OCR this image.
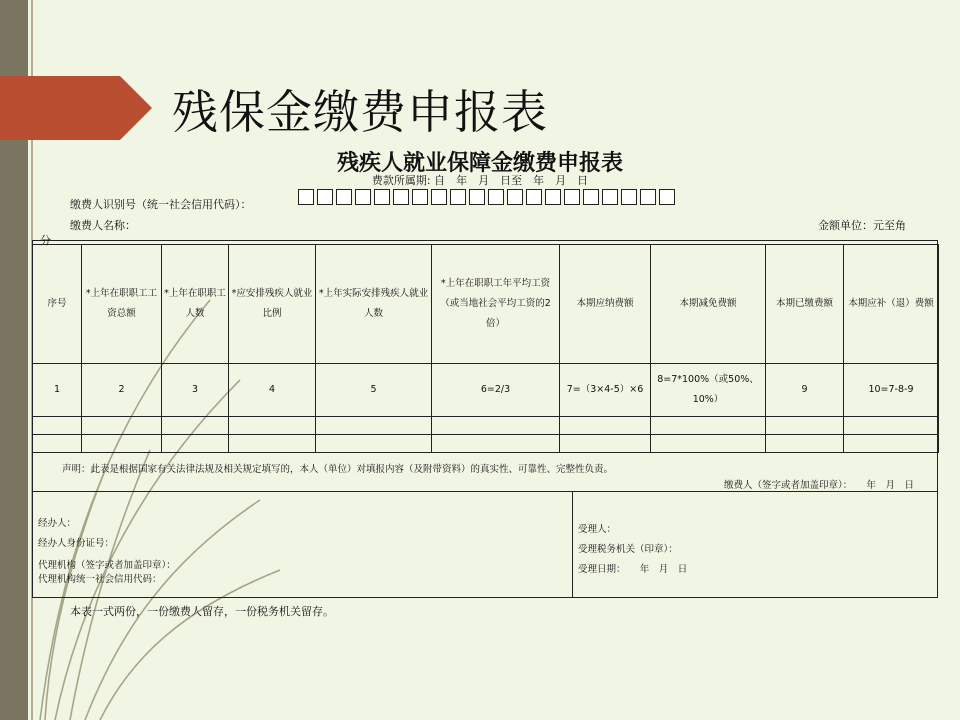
残保金缴费申报表
残疾人就业保障金缴费申报表
费款所属期: 自　年　月　日至　年　月　日
缴费人识别号（统一社会信用代码）：
缴费人名称：	金额单位：元至角
分
序号	*上年在职职工工资总额	*上年在职职工人数	*应安排残疾人就业比例	*上年实际安排残疾人就业人数	*上年在职职工年平均工资（或当地社会平均工资的2倍）	本期应纳费额	本期减免费额	本期已缴费额	本期应补（退）费额
1	2	3	4	5	6=2/3	7=（3×4-5）×6	8=7*100%（或50%、10%）	9	10=7-8-9

声明：此表是根据国家有关法律法规及相关规定填写的，本人（单位）对填报内容（及附带资料）的真实性、可靠性、完整性负责。
缴费人（签字或者加盖印章）：　　年　月　日
经办人：
经办人身份证号：
代理机构（签字或者加盖印章）：
代理机构统一社会信用代码：
受理人：
受理税务机关（印章）：
受理日期：　　年　月　日
本表一式两份，一份缴费人留存，一份税务机关留存。
